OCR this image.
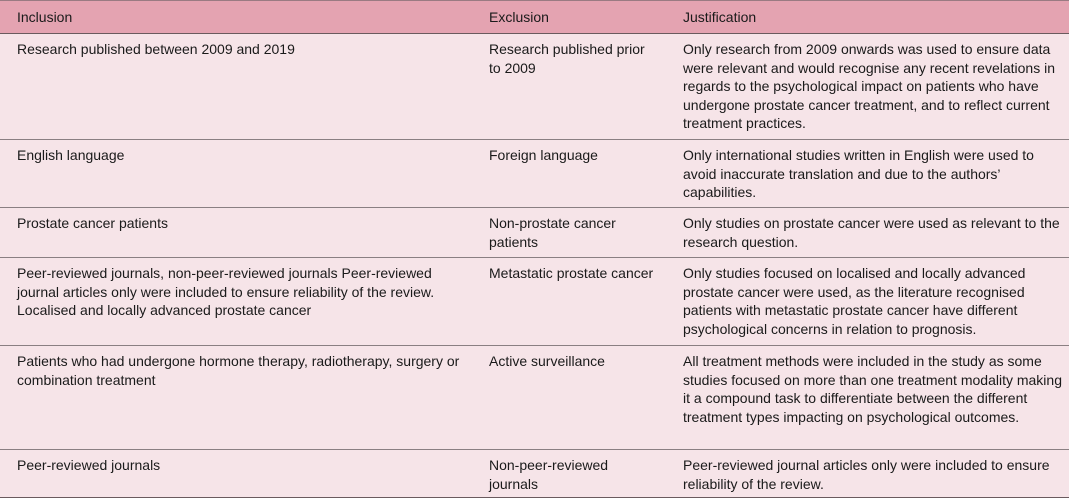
Inclusion	Exclusion	Justification
Research published between 2009 and 2019	Research published prior to 2009	Only research from 2009 onwards was used to ensure data were relevant and would recognise any recent revelations in regards to the psychological impact on patients who have undergone prostate cancer treatment, and to reflect current treatment practices.
English language	Foreign language	Only international studies written in English were used to avoid inaccurate translation and due to the authors’ capabilities.
Prostate cancer patients	Non-prostate cancer patients	Only studies on prostate cancer were used as relevant to the research question.
Peer-reviewed journals, non-peer-reviewed journals Peer-reviewed journal articles only were included to ensure reliability of the review. Localised and locally advanced prostate cancer	Metastatic prostate cancer	Only studies focused on localised and locally advanced prostate cancer were used, as the literature recognised patients with metastatic prostate cancer have different psychological concerns in relation to prognosis.
Patients who had undergone hormone therapy, radiotherapy, surgery or combination treatment	Active surveillance	All treatment methods were included in the study as some studies focused on more than one treatment modality making it a compound task to differentiate between the different treatment types impacting on psychological outcomes.
Peer-reviewed journals	Non-peer-reviewed journals	Peer-reviewed journal articles only were included to ensure reliability of the review.
